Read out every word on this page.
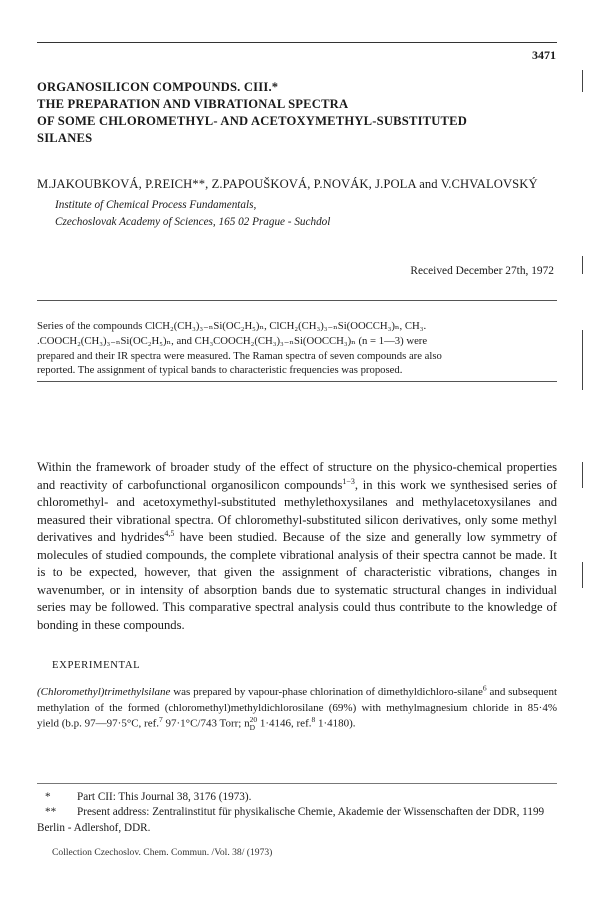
3471
ORGANOSILICON COMPOUNDS. CIII.*
THE PREPARATION AND VIBRATIONAL SPECTRA
OF SOME CHLOROMETHYL- AND ACETOXYMETHYL-SUBSTITUTED
SILANES
M.JAKOUBKOVÁ, P.REICH**, Z.PAPOUŠKOVÁ, P.NOVÁK, J.POLA and V.CHVALOVSKÝ
Institute of Chemical Process Fundamentals,
Czechoslovak Academy of Sciences, 165 02 Prague - Suchdol
Received December 27th, 1972
Series of the compounds ClCH₂(CH₃)₃₋ₙSi(OC₂H₅)ₙ, ClCH₂(CH₃)₃₋ₙSi(OOCCH₃)ₙ, CH₃.
.COOCH₂(CH₃)₃₋ₙSi(OC₂H₅)ₙ, and CH₃COOCH₂(CH₃)₃₋ₙSi(OOCCH₃)ₙ (n = 1—3) were
prepared and their IR spectra were measured. The Raman spectra of seven compounds are also
reported. The assignment of typical bands to characteristic frequencies was proposed.
Within the framework of broader study of the effect of structure on the physico-chemical properties and reactivity of carbofunctional organosilicon compounds$^{1-3}$, in this work we synthesised series of chloromethyl- and acetoxymethyl-substituted methylethoxysilanes and methylacetoxysilanes and measured their vibrational spectra. Of chloromethyl-substituted silicon derivatives, only some methyl derivatives and hydrides$^{4,5}$ have been studied. Because of the size and generally low symmetry of molecules of studied compounds, the complete vibrational analysis of their spectra cannot be made. It is to be expected, however, that given the assignment of characteristic vibrations, changes in wavenumber, or in intensity of absorption bands due to systematic structural changes in individual series may be followed. This comparative spectral analysis could thus contribute to the knowledge of bonding in these compounds.
EXPERIMENTAL
(Chloromethyl)trimethylsilane was prepared by vapour-phase chlorination of dimethyldichloro-silane$^6$ and subsequent methylation of the formed (chloromethyl)methyldichlorosilane (69%) with methylmagnesium chloride in 85·4% yield (b.p. 97—97·5°C, ref.$^7$ 97·1°C/743 Torr; n 20
D 1·4146, ref.$^8$ 1·4180).
* Part CII: This Journal 38, 3176 (1973).
** Present address: Zentralinstitut für physikalische Chemie, Akademie der Wissenschaften der DDR, 1199 Berlin - Adlershof, DDR.
Collection Czechoslov. Chem. Commun. /Vol. 38/ (1973)
